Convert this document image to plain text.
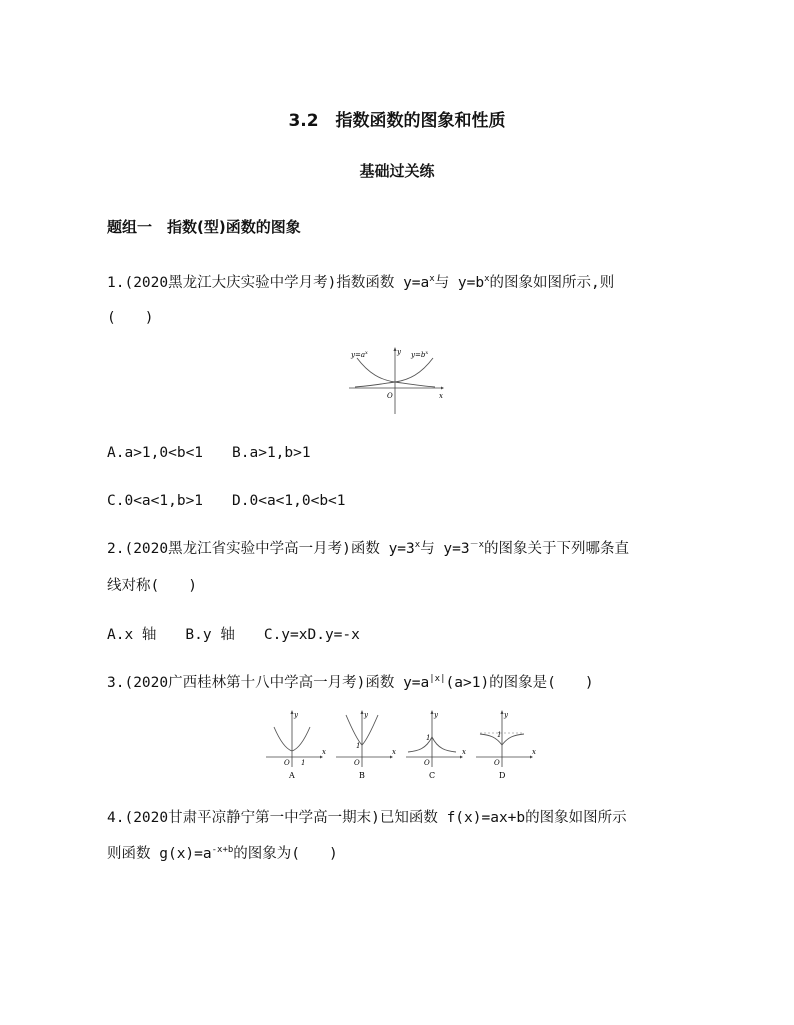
3.2　指数函数的图象和性质
基础过关练
题组一　指数(型)函数的图象
1.(2020黑龙江大庆实验中学月考)指数函数 $y=a^x$与 $y=b^x$的图象如图所示,则
(　　)
$y=a^x$	$y=b^x$
y
x
O
A.a>1,0<b<1　　B.a>1,b>1
C.0<a<1,b>1　　D.0<a<1,0<b<1
2.(2020黑龙江省实验中学高一月考)函数 $y=3^x$与 $y=3^{-x}$的图象关于下列哪条直
线对称(　　)
A.x 轴　　B.y 轴　　C.y=xD.y=-x
3.(2020广西桂林第十八中学高一月考)函数 $y=a^{|x|}(a>1)$的图象是(　　)
y
x
O 1
A
y
x
O
1
B
y
x
O
1
C
y
x
O
1
D
4.(2020甘肃平凉静宁第一中学高一期末)已知函数 f(x)=ax+b的图象如图所示
则函数 $g(x)=a^{-x+b}$的图象为(　　)
